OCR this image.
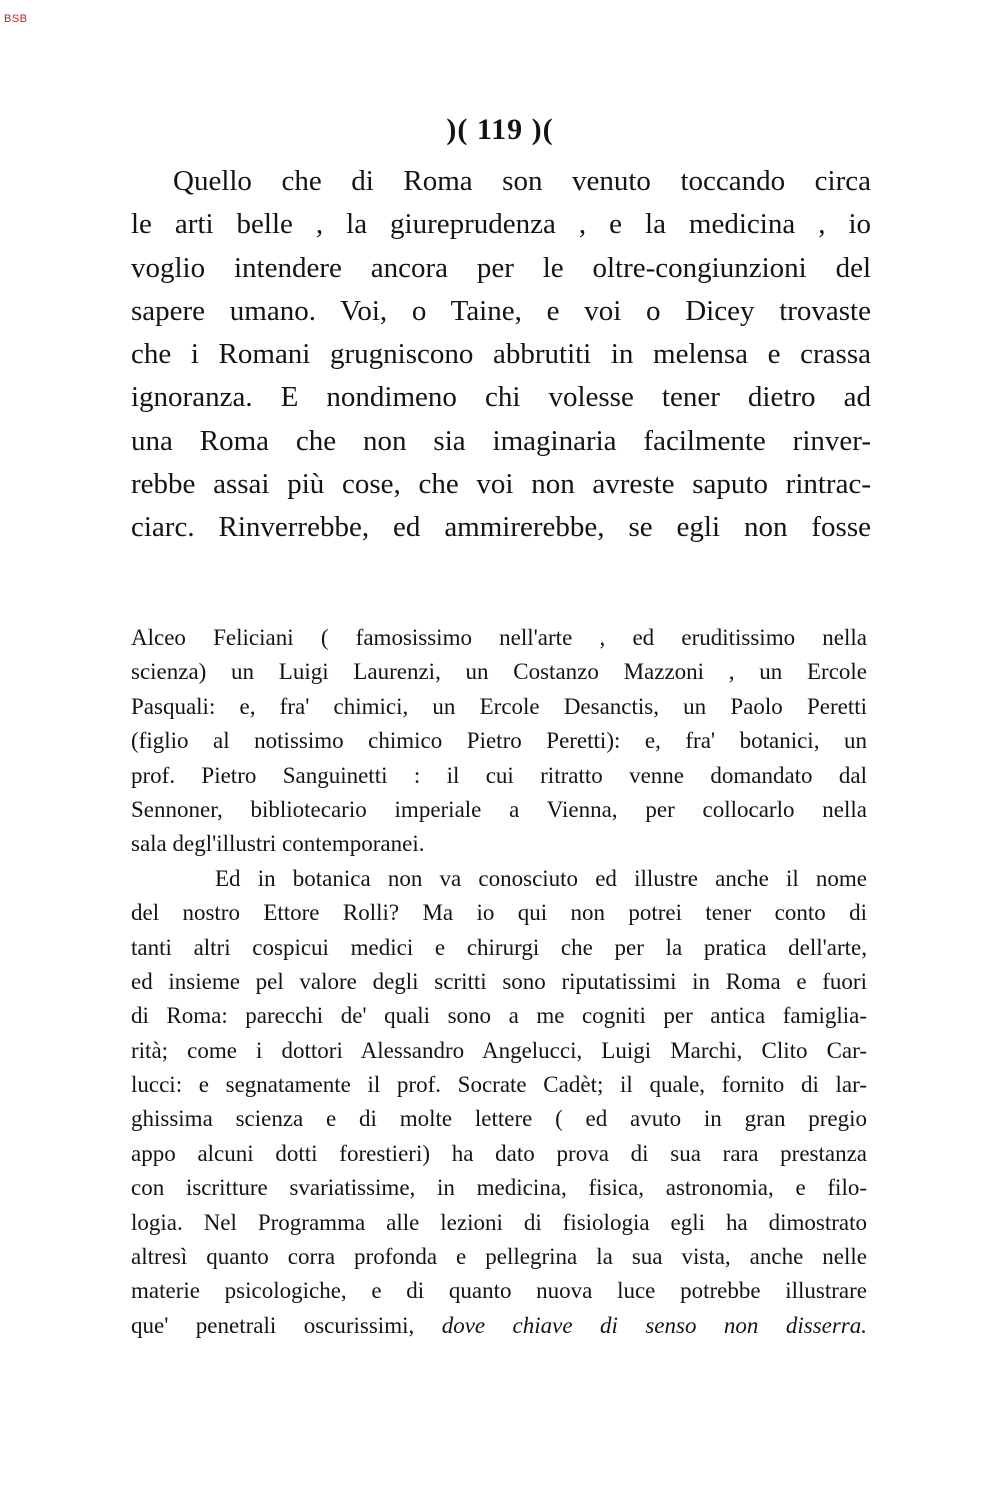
BSB
)( 119 )(
Quello che di Roma son venuto toccando circa
le arti belle , la giureprudenza , e la medicina , io
voglio intendere ancora per le oltre-congiunzioni del
sapere umano. Voi, o Taine, e voi o Dicey trovaste
che i Romani grugniscono abbrutiti in melensa e crassa
ignoranza. E nondimeno chi volesse tener dietro ad
una Roma che non sia imaginaria facilmente rinver-
rebbe assai più cose, che voi non avreste saputo rintrac-
ciarc. Rinverrebbe, ed ammirerebbe, se egli non fosse
Alceo Feliciani ( famosissimo nell'arte , ed eruditissimo nella
scienza) un Luigi Laurenzi, un Costanzo Mazzoni , un Ercole
Pasquali: e, fra' chimici, un Ercole Desanctis, un Paolo Peretti
(figlio al notissimo chimico Pietro Peretti): e, fra' botanici, un
prof. Pietro Sanguinetti : il cui ritratto venne domandato dal
Sennoner, bibliotecario imperiale a Vienna, per collocarlo nella
sala degl'illustri contemporanei.
Ed in botanica non va conosciuto ed illustre anche il nome
del nostro Ettore Rolli? Ma io qui non potrei tener conto di
tanti altri cospicui medici e chirurgi che per la pratica dell'arte,
ed insieme pel valore degli scritti sono riputatissimi in Roma e fuori
di Roma: parecchi de' quali sono a me cogniti per antica famiglia-
rità; come i dottori Alessandro Angelucci, Luigi Marchi, Clito Car-
lucci: e segnatamente il prof. Socrate Cadèt; il quale, fornito di lar-
ghissima scienza e di molte lettere ( ed avuto in gran pregio
appo alcuni dotti forestieri) ha dato prova di sua rara prestanza
con iscritture svariatissime, in medicina, fisica, astronomia, e filo-
logia. Nel Programma alle lezioni di fisiologia egli ha dimostrato
altresì quanto corra profonda e pellegrina la sua vista, anche nelle
materie psicologiche, e di quanto nuova luce potrebbe illustrare
que' penetrali oscurissimi, dove chiave di senso non disserra.
